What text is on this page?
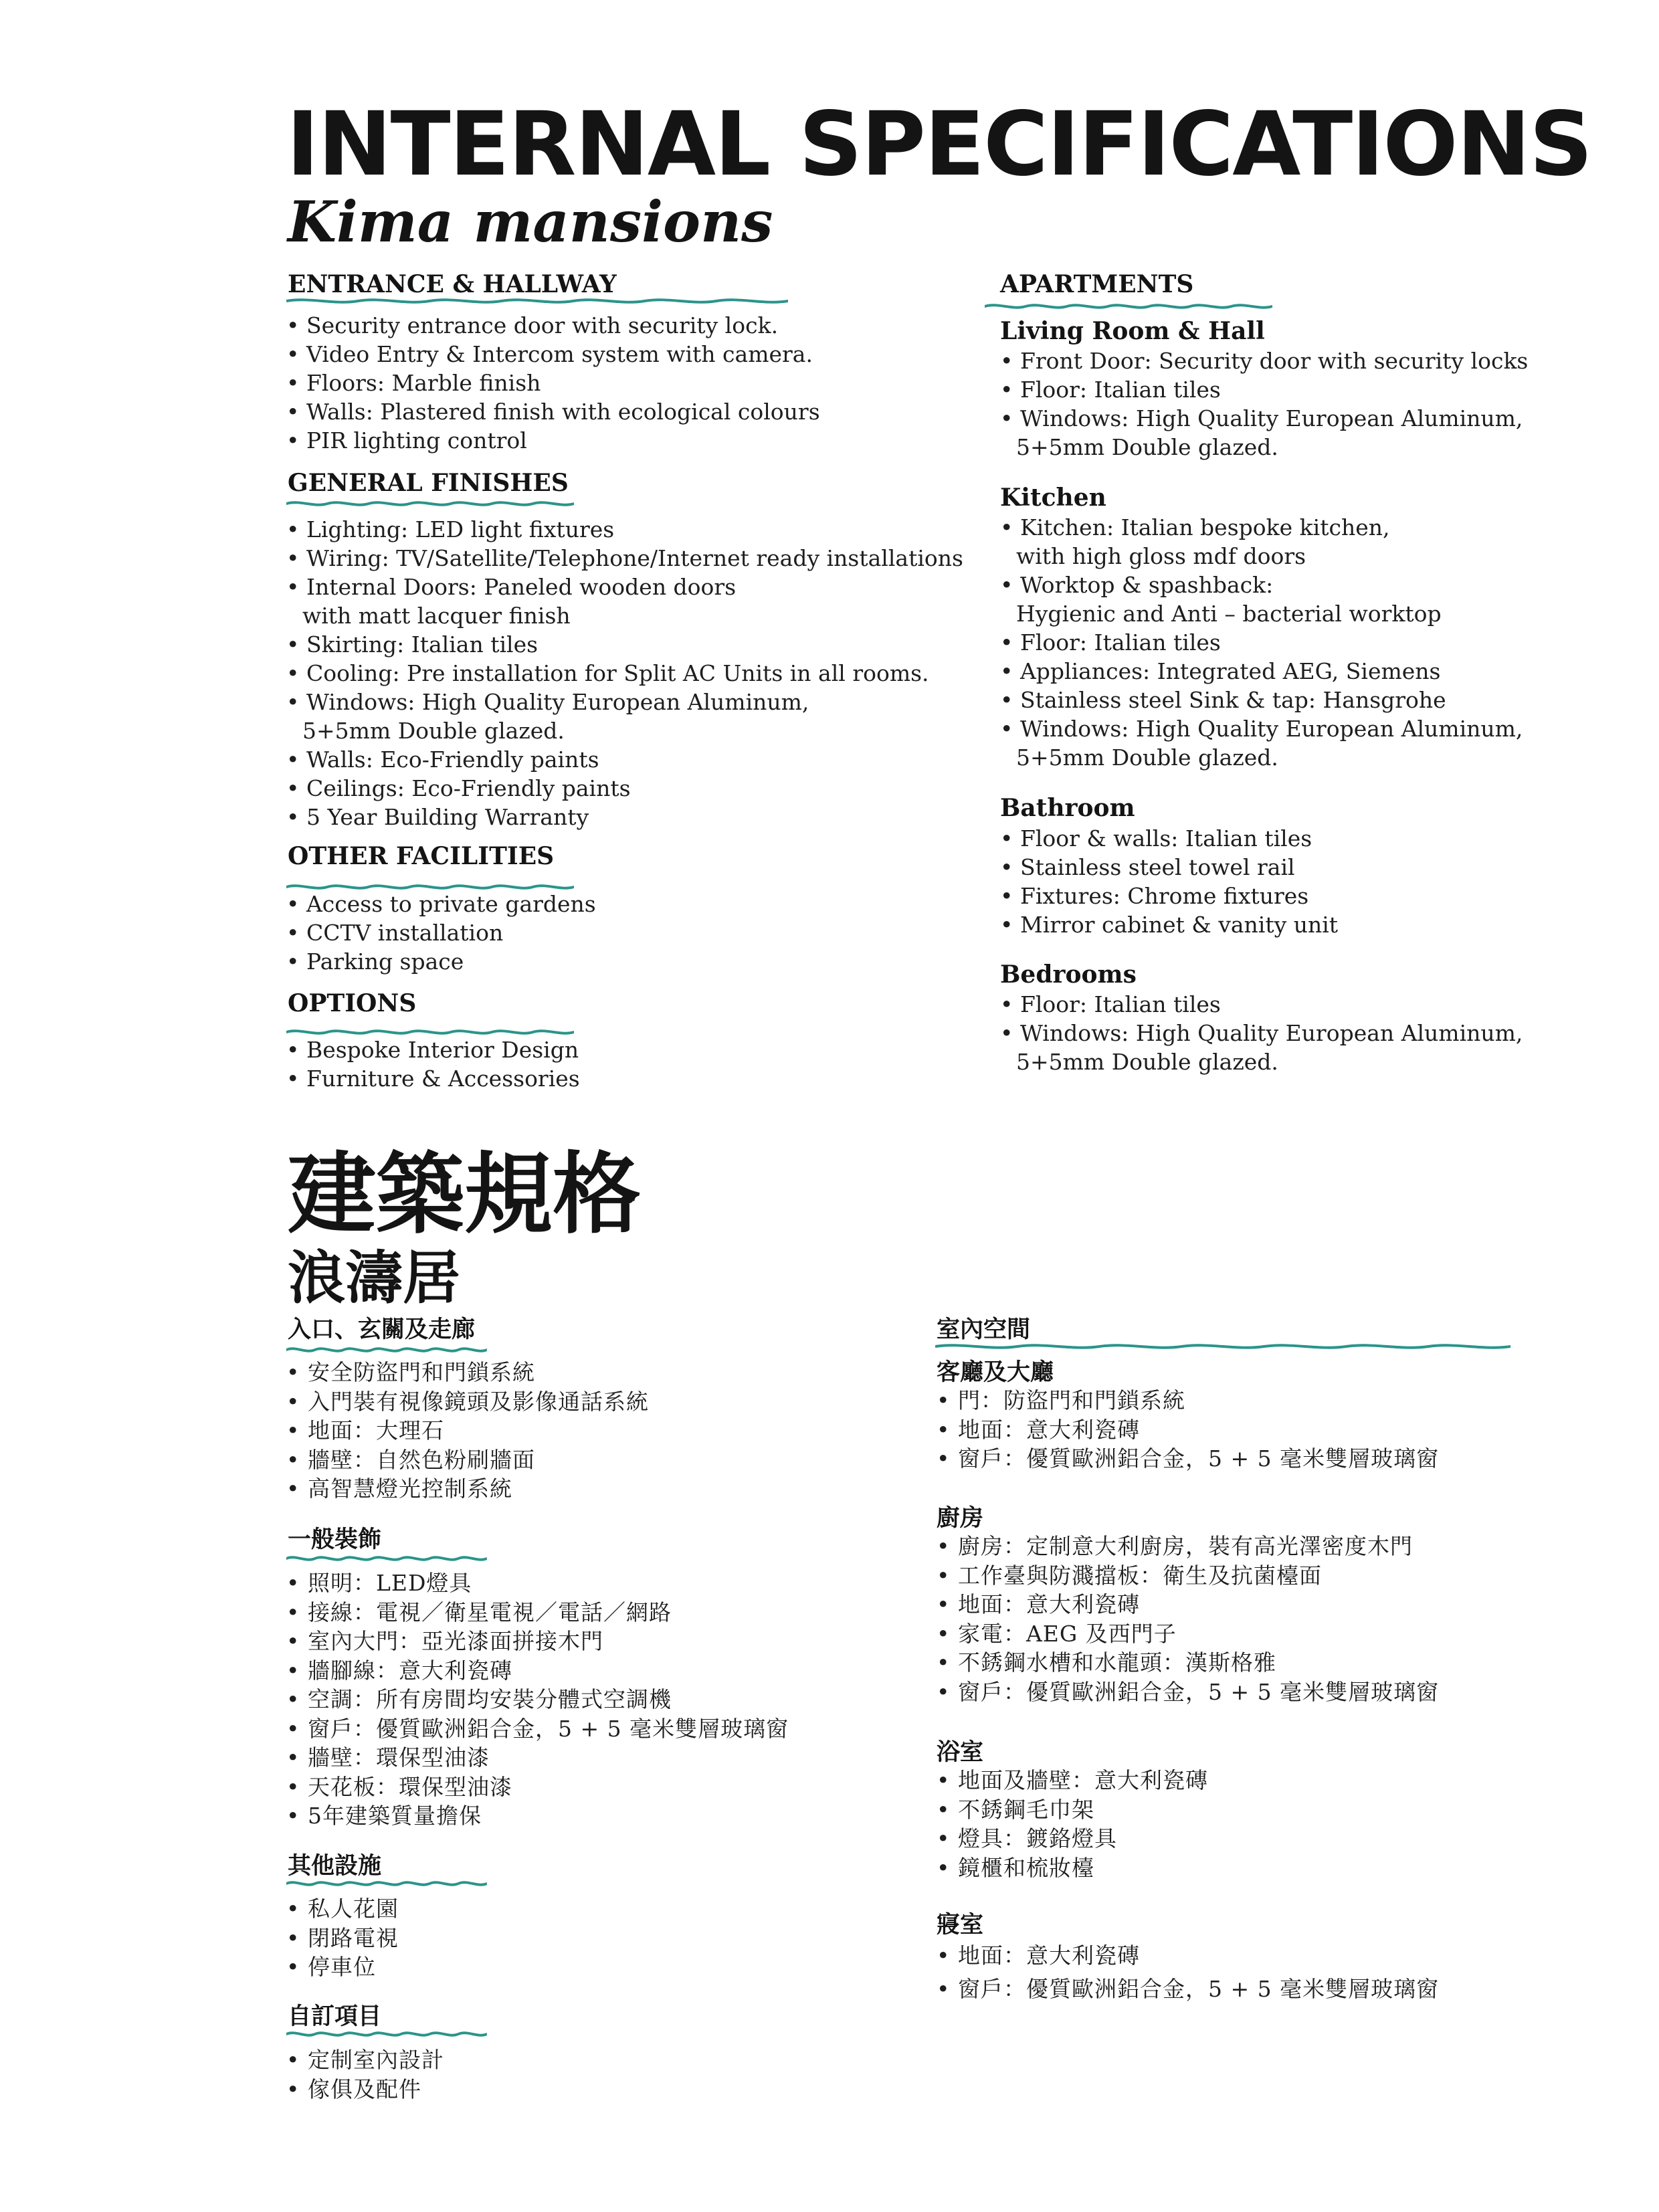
INTERNAL SPECIFICATIONS
Kima mansions
ENTRANCE & HALLWAY
• Security entrance door with security lock.
• Video Entry & Intercom system with camera.
• Floors: Marble finish
• Walls: Plastered finish with ecological colours
• PIR lighting control
GENERAL FINISHES
• Lighting: LED light fixtures
• Wiring: TV/Satellite/Telephone/Internet ready installations
• Internal Doors: Paneled wooden doors
with matt lacquer finish
• Skirting: Italian tiles
• Cooling: Pre installation for Split AC Units in all rooms.
• Windows: High Quality European Aluminum,
5+5mm Double glazed.
• Walls: Eco-Friendly paints
• Ceilings: Eco-Friendly paints
• 5 Year Building Warranty
OTHER FACILITIES
• Access to private gardens
• CCTV installation
• Parking space
OPTIONS
• Bespoke Interior Design
• Furniture & Accessories
APARTMENTS
Living Room & Hall
• Front Door: Security door with security locks
• Floor: Italian tiles
• Windows: High Quality European Aluminum,
5+5mm Double glazed.
Kitchen
• Kitchen: Italian bespoke kitchen,
with high gloss mdf doors
• Worktop & spashback:
Hygienic and Anti – bacterial worktop
• Floor: Italian tiles
• Appliances: Integrated AEG, Siemens
• Stainless steel Sink & tap: Hansgrohe
• Windows: High Quality European Aluminum,
5+5mm Double glazed.
Bathroom
• Floor & walls: Italian tiles
• Stainless steel towel rail
• Fixtures: Chrome fixtures
• Mirror cabinet & vanity unit
Bedrooms
• Floor: Italian tiles
• Windows: High Quality European Aluminum,
5+5mm Double glazed.
建築規格
浪濤居
入口、玄關及走廊
• 安全防盜門和門鎖系統
• 入門裝有視像鏡頭及影像通話系統
• 地面：大理石
• 牆壁：自然色粉刷牆面
• 高智慧燈光控制系統
一般裝飾
• 照明：LED燈具
• 接線：電視／衛星電視／電話／網路
• 室內大門：亞光漆面拼接木門
• 牆腳線：意大利瓷磚
• 空調：所有房間均安裝分體式空調機
• 窗戶：優質歐洲鋁合金，5 + 5 毫米雙層玻璃窗
• 牆壁：環保型油漆
• 天花板：環保型油漆
• 5年建築質量擔保
其他設施
• 私人花園
• 閉路電視
• 停車位
自訂項目
• 定制室內設計
• 傢俱及配件
室內空間
客廳及大廳
• 門：防盜門和門鎖系統
• 地面：意大利瓷磚
• 窗戶：優質歐洲鋁合金，5 + 5 毫米雙層玻璃窗
廚房
• 廚房：定制意大利廚房，裝有高光澤密度木門
• 工作臺與防濺擋板：衛生及抗菌檯面
• 地面：意大利瓷磚
• 家電：AEG 及西門子
• 不銹鋼水槽和水龍頭：漢斯格雅
• 窗戶：優質歐洲鋁合金，5 + 5 毫米雙層玻璃窗
浴室
• 地面及牆壁：意大利瓷磚
• 不銹鋼毛巾架
• 燈具：鍍鉻燈具
• 鏡櫃和梳妝檯
寢室
• 地面：意大利瓷磚
• 窗戶：優質歐洲鋁合金，5 + 5 毫米雙層玻璃窗
